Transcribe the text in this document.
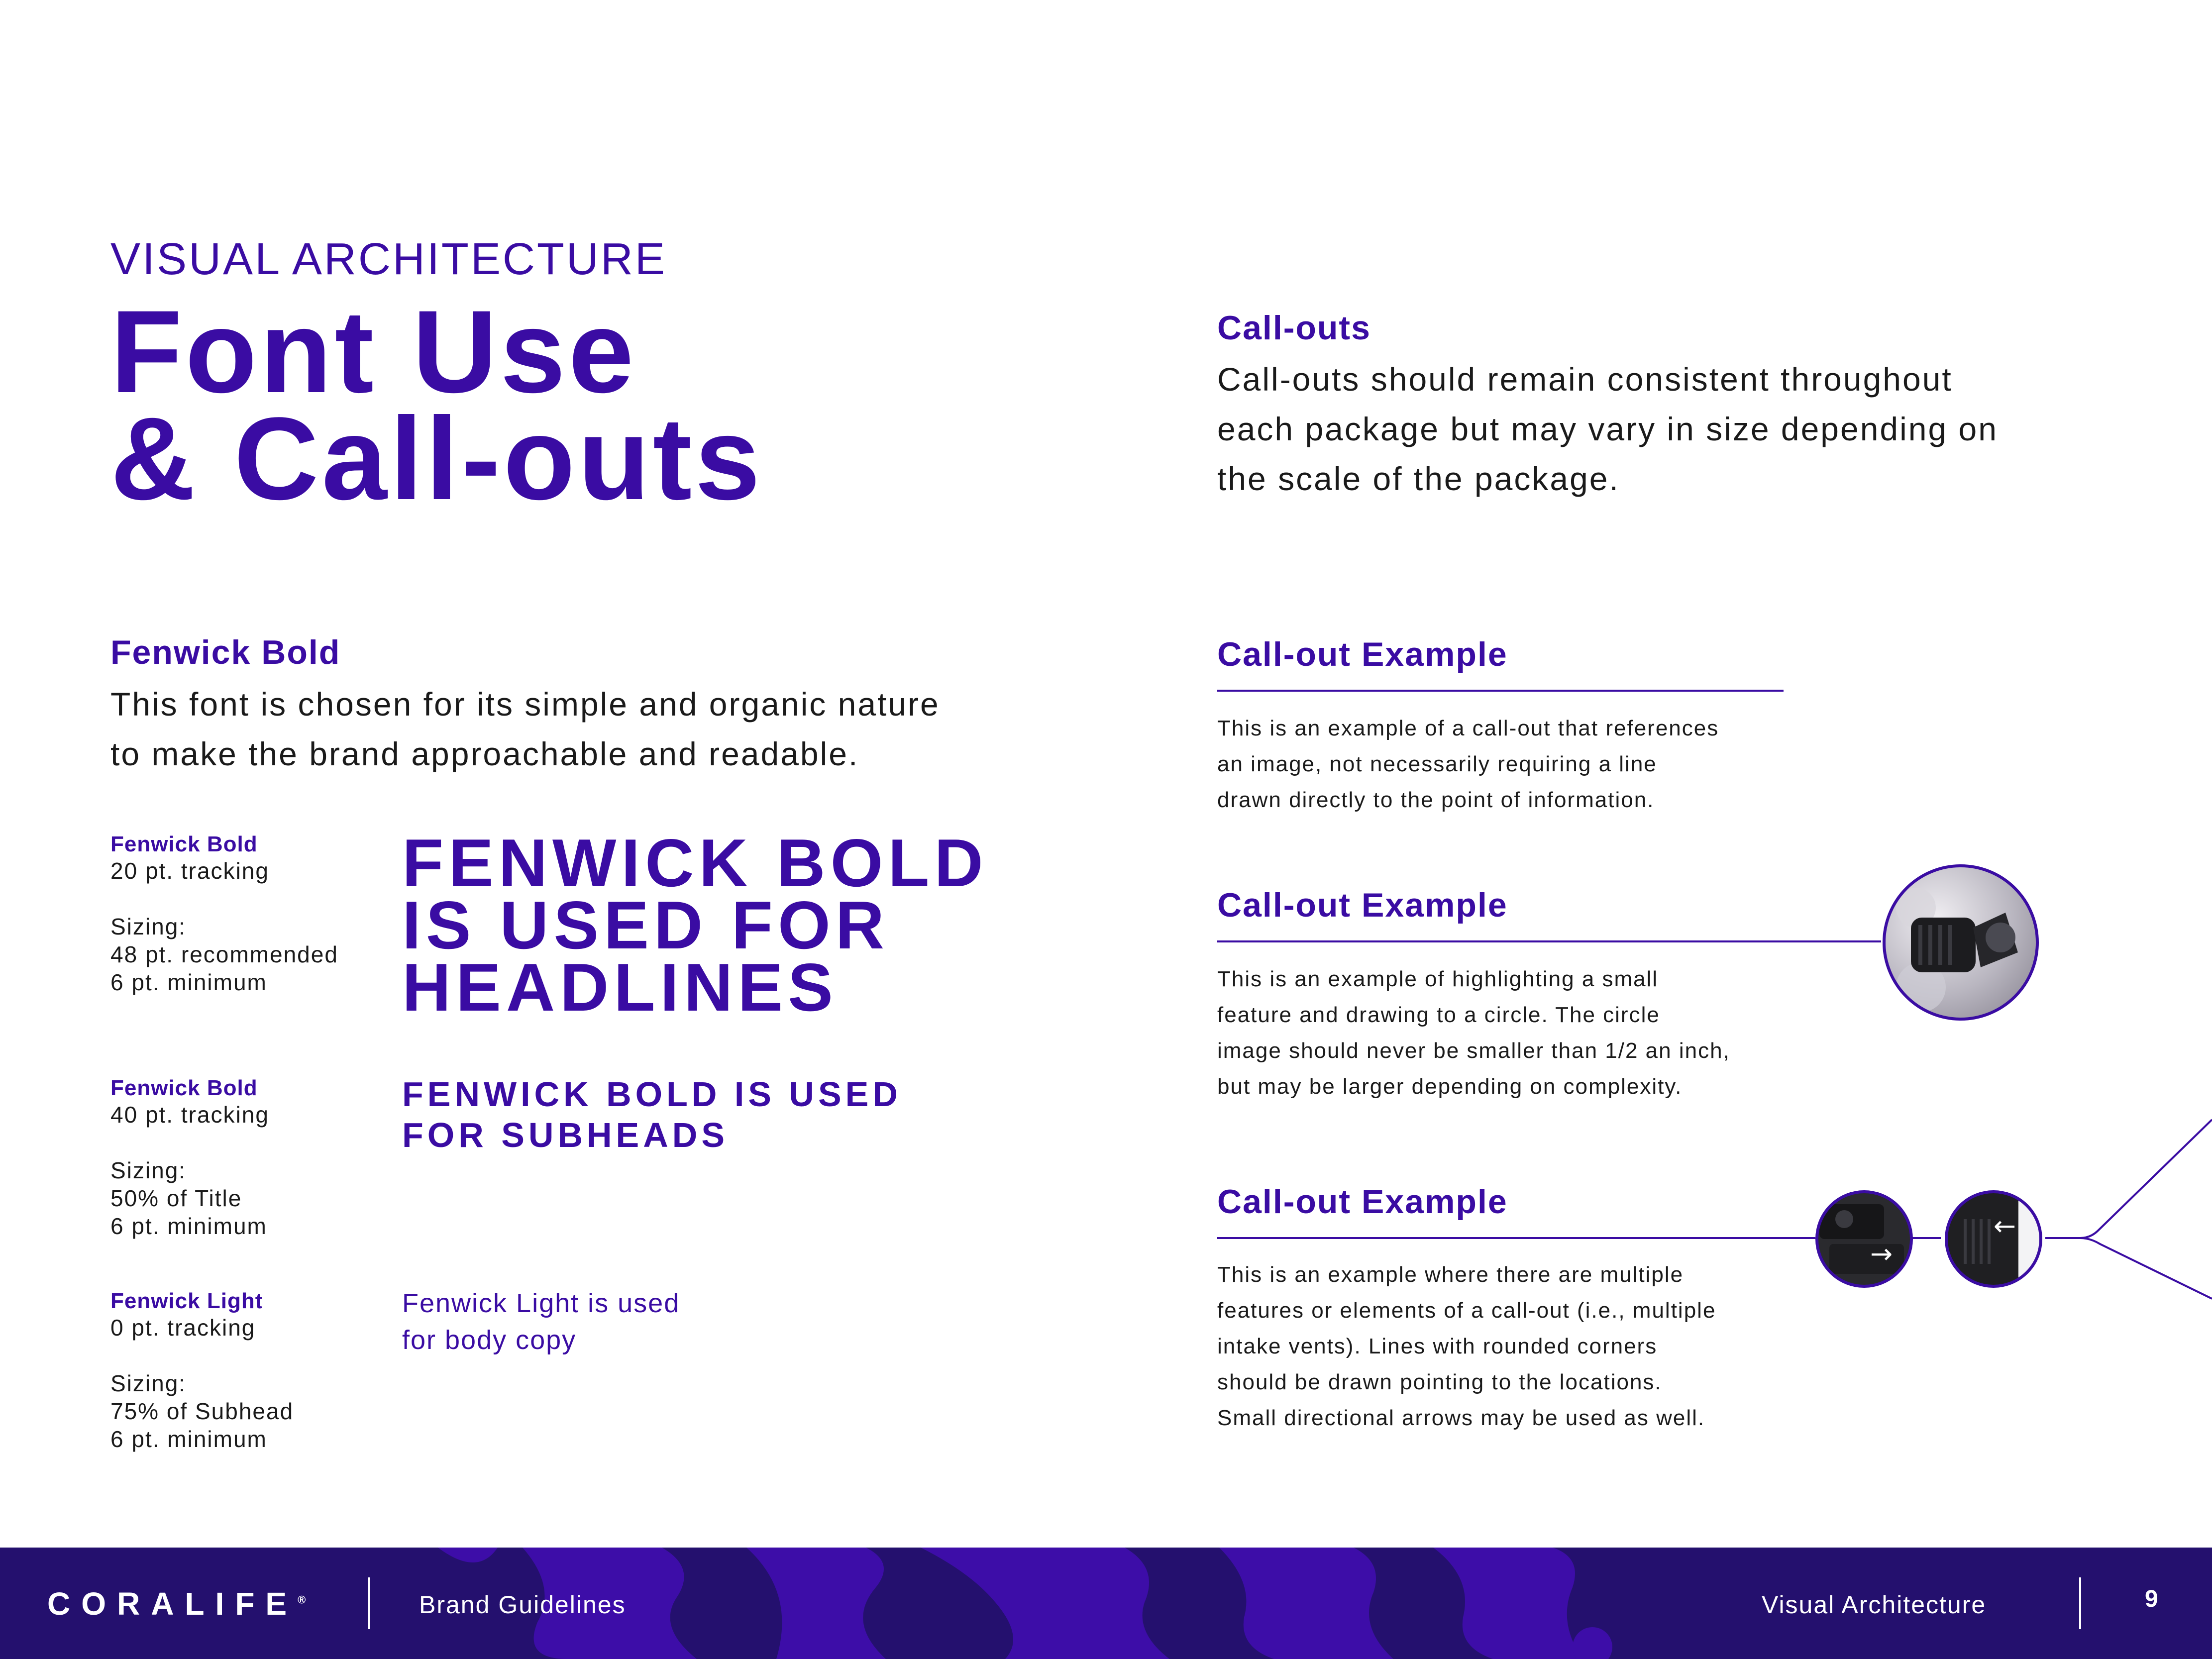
VISUAL ARCHITECTURE
Font Use
& Call-outs
Fenwick Bold
This font is chosen for its simple and organic nature
to make the brand approachable and readable.
Fenwick Bold
20 pt. tracking
Sizing:
48 pt. recommended
6 pt. minimum
FENWICK BOLD
IS USED FOR
HEADLINES
Fenwick Bold
40 pt. tracking
Sizing:
50% of Title
6 pt. minimum
FENWICK BOLD IS USED
FOR SUBHEADS
Fenwick Light
0 pt. tracking
Sizing:
75% of Subhead
6 pt. minimum
Fenwick Light is used
for body copy
Call-outs
Call-outs should remain consistent throughout
each package but may vary in size depending on
the scale of the package.
Call-out Example
This is an example of a call-out that references
an image, not necessarily requiring a line
drawn directly to the point of information.
Call-out Example
This is an example of highlighting a small
feature and drawing to a circle. The circle
image should never be smaller than 1/2 an inch,
but may be larger depending on complexity.
Call-out Example
This is an example where there are multiple
features or elements of a call-out (i.e., multiple
intake vents). Lines with rounded corners
should be drawn pointing to the locations.
Small directional arrows may be used as well.
→
←
CORALIFE®	Brand Guidelines	Visual Architecture	9
